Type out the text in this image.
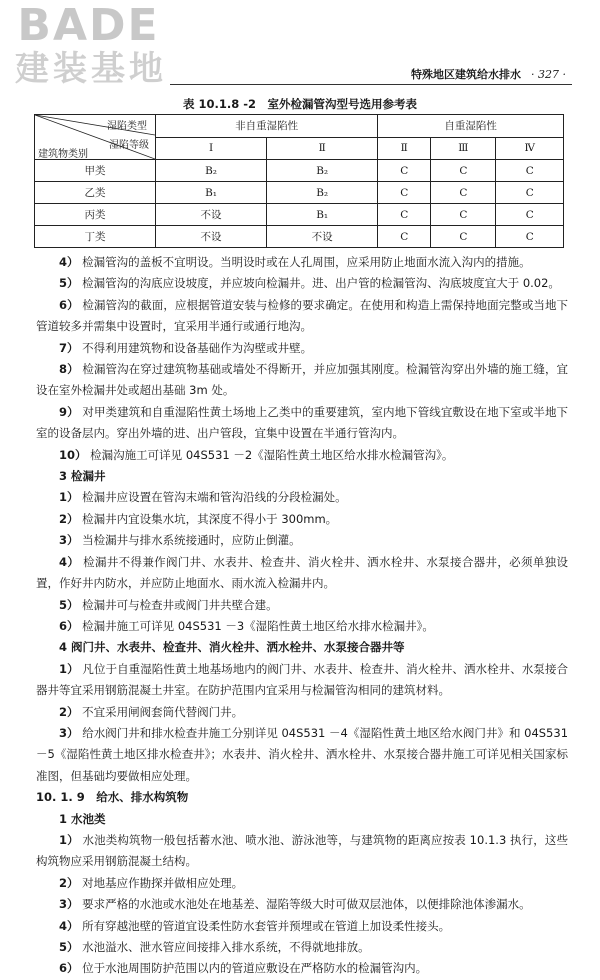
BADE
建装基地	特殊地区建筑给水排水 · 327 ·
表 10.1.8 -2　室外检漏管沟型号选用参考表
湿陷类型
湿陷等级
建筑物类别	非自重湿陷性		自重湿陷性		
	Ⅰ	Ⅱ	Ⅱ	Ⅲ	Ⅳ
甲类	B₂	B₂	C	C	C
乙类	B₁	B₂	C	C	C
丙类	不设	B₁	C	C	C
丁类	不设	不设	C	C	C

4） 检漏管沟的盖板不宜明设。当明设时或在人孔周围，应采用防止地面水流入沟内的措施。

5） 检漏管沟的沟底应设坡度，并应坡向检漏井。进、出户管的检漏管沟、沟底坡度宜大于 0.02。

6） 检漏管沟的截面，应根据管道安装与检修的要求确定。在使用和构造上需保持地面完整或当地下管道较多并需集中设置时，宜采用半通行或通行地沟。

7） 不得利用建筑物和设备基础作为沟壁或井壁。

8） 检漏管沟在穿过建筑物基础或墙处不得断开，并应加强其刚度。检漏管沟穿出外墙的施工缝，宜设在室外检漏井处或超出基础 3m 处。

9） 对甲类建筑和自重湿陷性黄土场地上乙类中的重要建筑，室内地下管线宜敷设在地下室或半地下室的设备层内。穿出外墙的进、出户管段，宜集中设置在半通行管沟内。

10） 检漏沟施工可详见 04S531 －2《湿陷性黄土地区给水排水检漏管沟》。

3 检漏井

1） 检漏井应设置在管沟末端和管沟沿线的分段检漏处。

2） 检漏井内宜设集水坑，其深度不得小于 300mm。

3） 当检漏井与排水系统接通时，应防止倒灌。

4） 检漏井不得兼作阀门井、水表井、检查井、消火栓井、洒水栓井、水泵接合器井，必须单独设置，作好井内防水，并应防止地面水、雨水流入检漏井内。

5） 检漏井可与检查井或阀门井共壁合建。

6） 检漏井施工可详见 04S531 －3《湿陷性黄土地区给水排水检漏井》。

4 阀门井、水表井、检查井、消火栓井、洒水栓井、水泵接合器井等

1） 凡位于自重湿陷性黄土地基场地内的阀门井、水表井、检查井、消火栓井、洒水栓井、水泵接合器井等宜采用钢筋混凝土井室。在防护范围内宜采用与检漏管沟相同的建筑材料。

2） 不宜采用闸阀套筒代替阀门井。

3） 给水阀门井和排水检查井施工分别详见 04S531 －4《湿陷性黄土地区给水阀门井》和 04S531 －5《湿陷性黄土地区排水检查井》；水表井、消火栓井、洒水栓井、水泵接合器井施工可详见相关国家标准图，但基础均要做相应处理。

10. 1. 9　 给水、排水构筑物

1 水池类

1） 水池类构筑物一般包括蓄水池、喷水池、游泳池等，与建筑物的距离应按表 10.1.3 执行，这些构筑物应采用钢筋混凝土结构。

2） 对地基应作勘探并做相应处理。

3） 要求严格的水池或水池处在地基差、湿陷等级大时可做双层池体，以便排除池体渗漏水。

4） 所有穿越池壁的管道宜设柔性防水套管并预埋或在管道上加设柔性接头。

5） 水池溢水、泄水管应间接排入排水系统，不得就地排放。

6） 位于水池周围防护范围以内的管道应敷设在严格防水的检漏管沟内。
